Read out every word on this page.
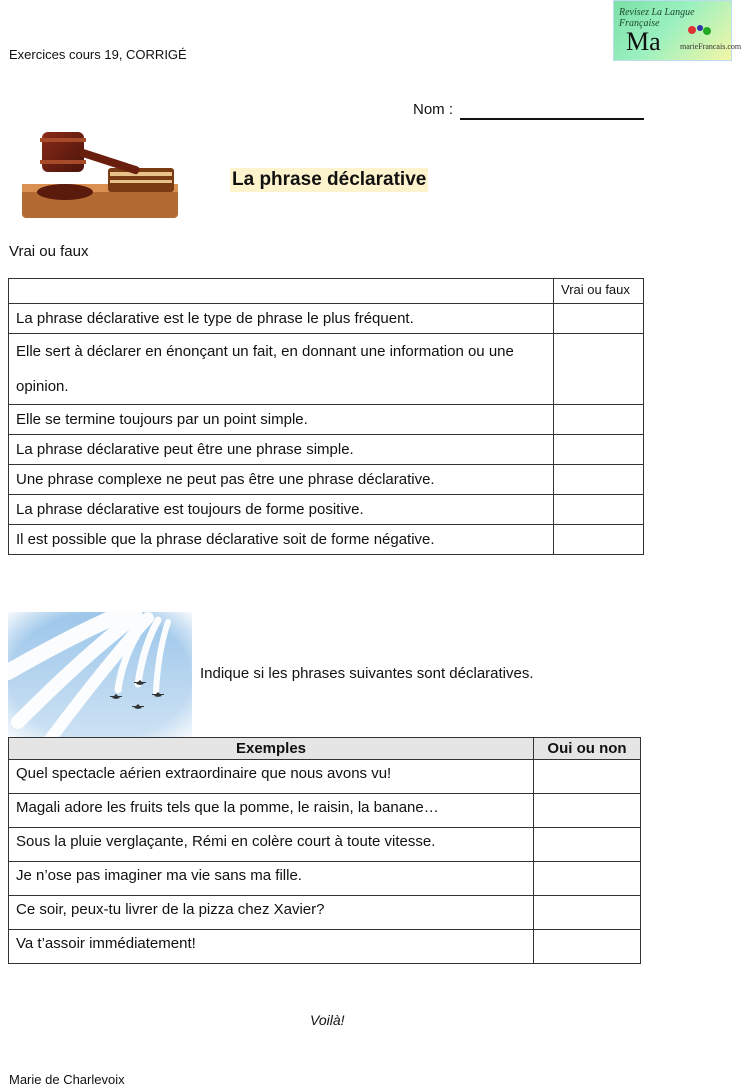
Exercices cours 19, CORRIGÉ
Revisez La Langue Française
Ma marieFrancais.com
Nom :
La phrase déclarative
Vrai ou faux
	Vrai ou faux
La phrase déclarative est le type de phrase le plus fréquent.	
Elle sert à déclarer en énonçant un fait, en donnant une information ou une opinion.	
Elle se termine toujours par un point simple.	
La phrase déclarative peut être une phrase simple.	
Une phrase complexe ne peut pas être une phrase déclarative.	
La phrase déclarative est toujours de forme positive.	
Il est possible que la phrase déclarative soit de forme négative.	
Indique si les phrases suivantes sont déclaratives.
Exemples	Oui ou non
Quel spectacle aérien extraordinaire que nous avons vu!	
Magali adore les fruits tels que la pomme, le raisin, la banane…	
Sous la pluie verglaçante, Rémi en colère court à toute vitesse.	
Je n’ose pas imaginer ma vie sans ma fille.	
Ce soir, peux-tu livrer de la pizza chez Xavier?	
Va t’assoir immédiatement!	
Voilà!
Marie de Charlevoix
